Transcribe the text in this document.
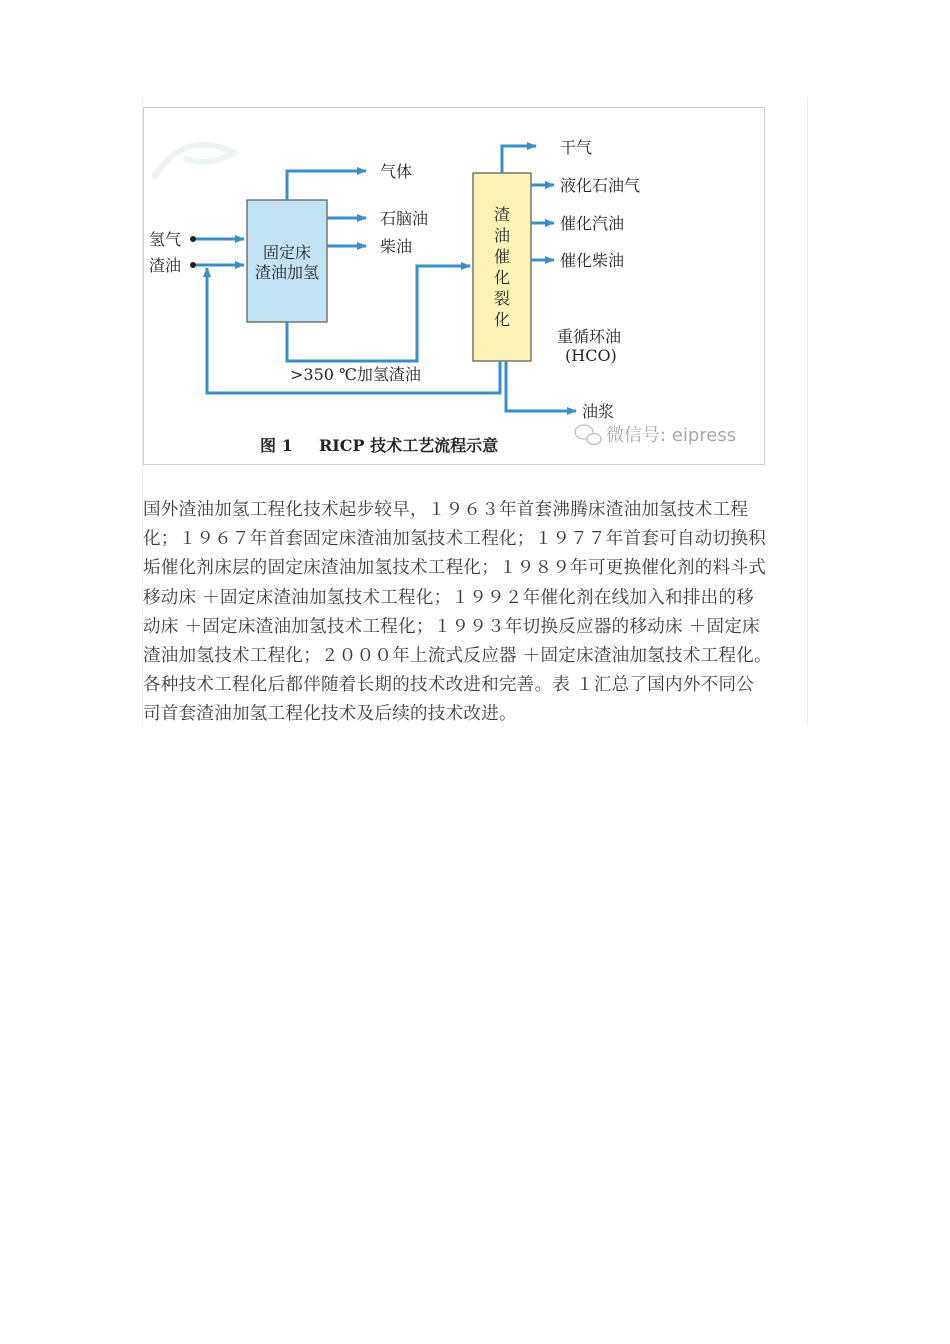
氢气
渣油
固定床
渣油加氢
气体
石脑油
柴油
>350 ℃加氢渣油
渣
油
催
化
裂
化
干气
液化石油气
催化汽油
催化柴油
重循环油
(HCO)
油浆
图 1 RICP 技术工艺流程示意	微信号: eipress
国外渣油加氢工程化技术起步较早，１９６３年首套沸腾床渣油加氢技术工程
化；１９６７年首套固定床渣油加氢技术工程化；１９７７年首套可自动切换积
垢催化剂床层的固定床渣油加氢技术工程化；１９８９年可更换催化剂的料斗式
移动床 ＋固定床渣油加氢技术工程化；１９９２年催化剂在线加入和排出的移
动床 ＋固定床渣油加氢技术工程化；１９９３年切换反应器的移动床 ＋固定床
渣油加氢技术工程化；２０００年上流式反应器 ＋固定床渣油加氢技术工程化。
各种技术工程化后都伴随着长期的技术改进和完善。表 １汇总了国内外不同公
司首套渣油加氢工程化技术及后续的技术改进。
